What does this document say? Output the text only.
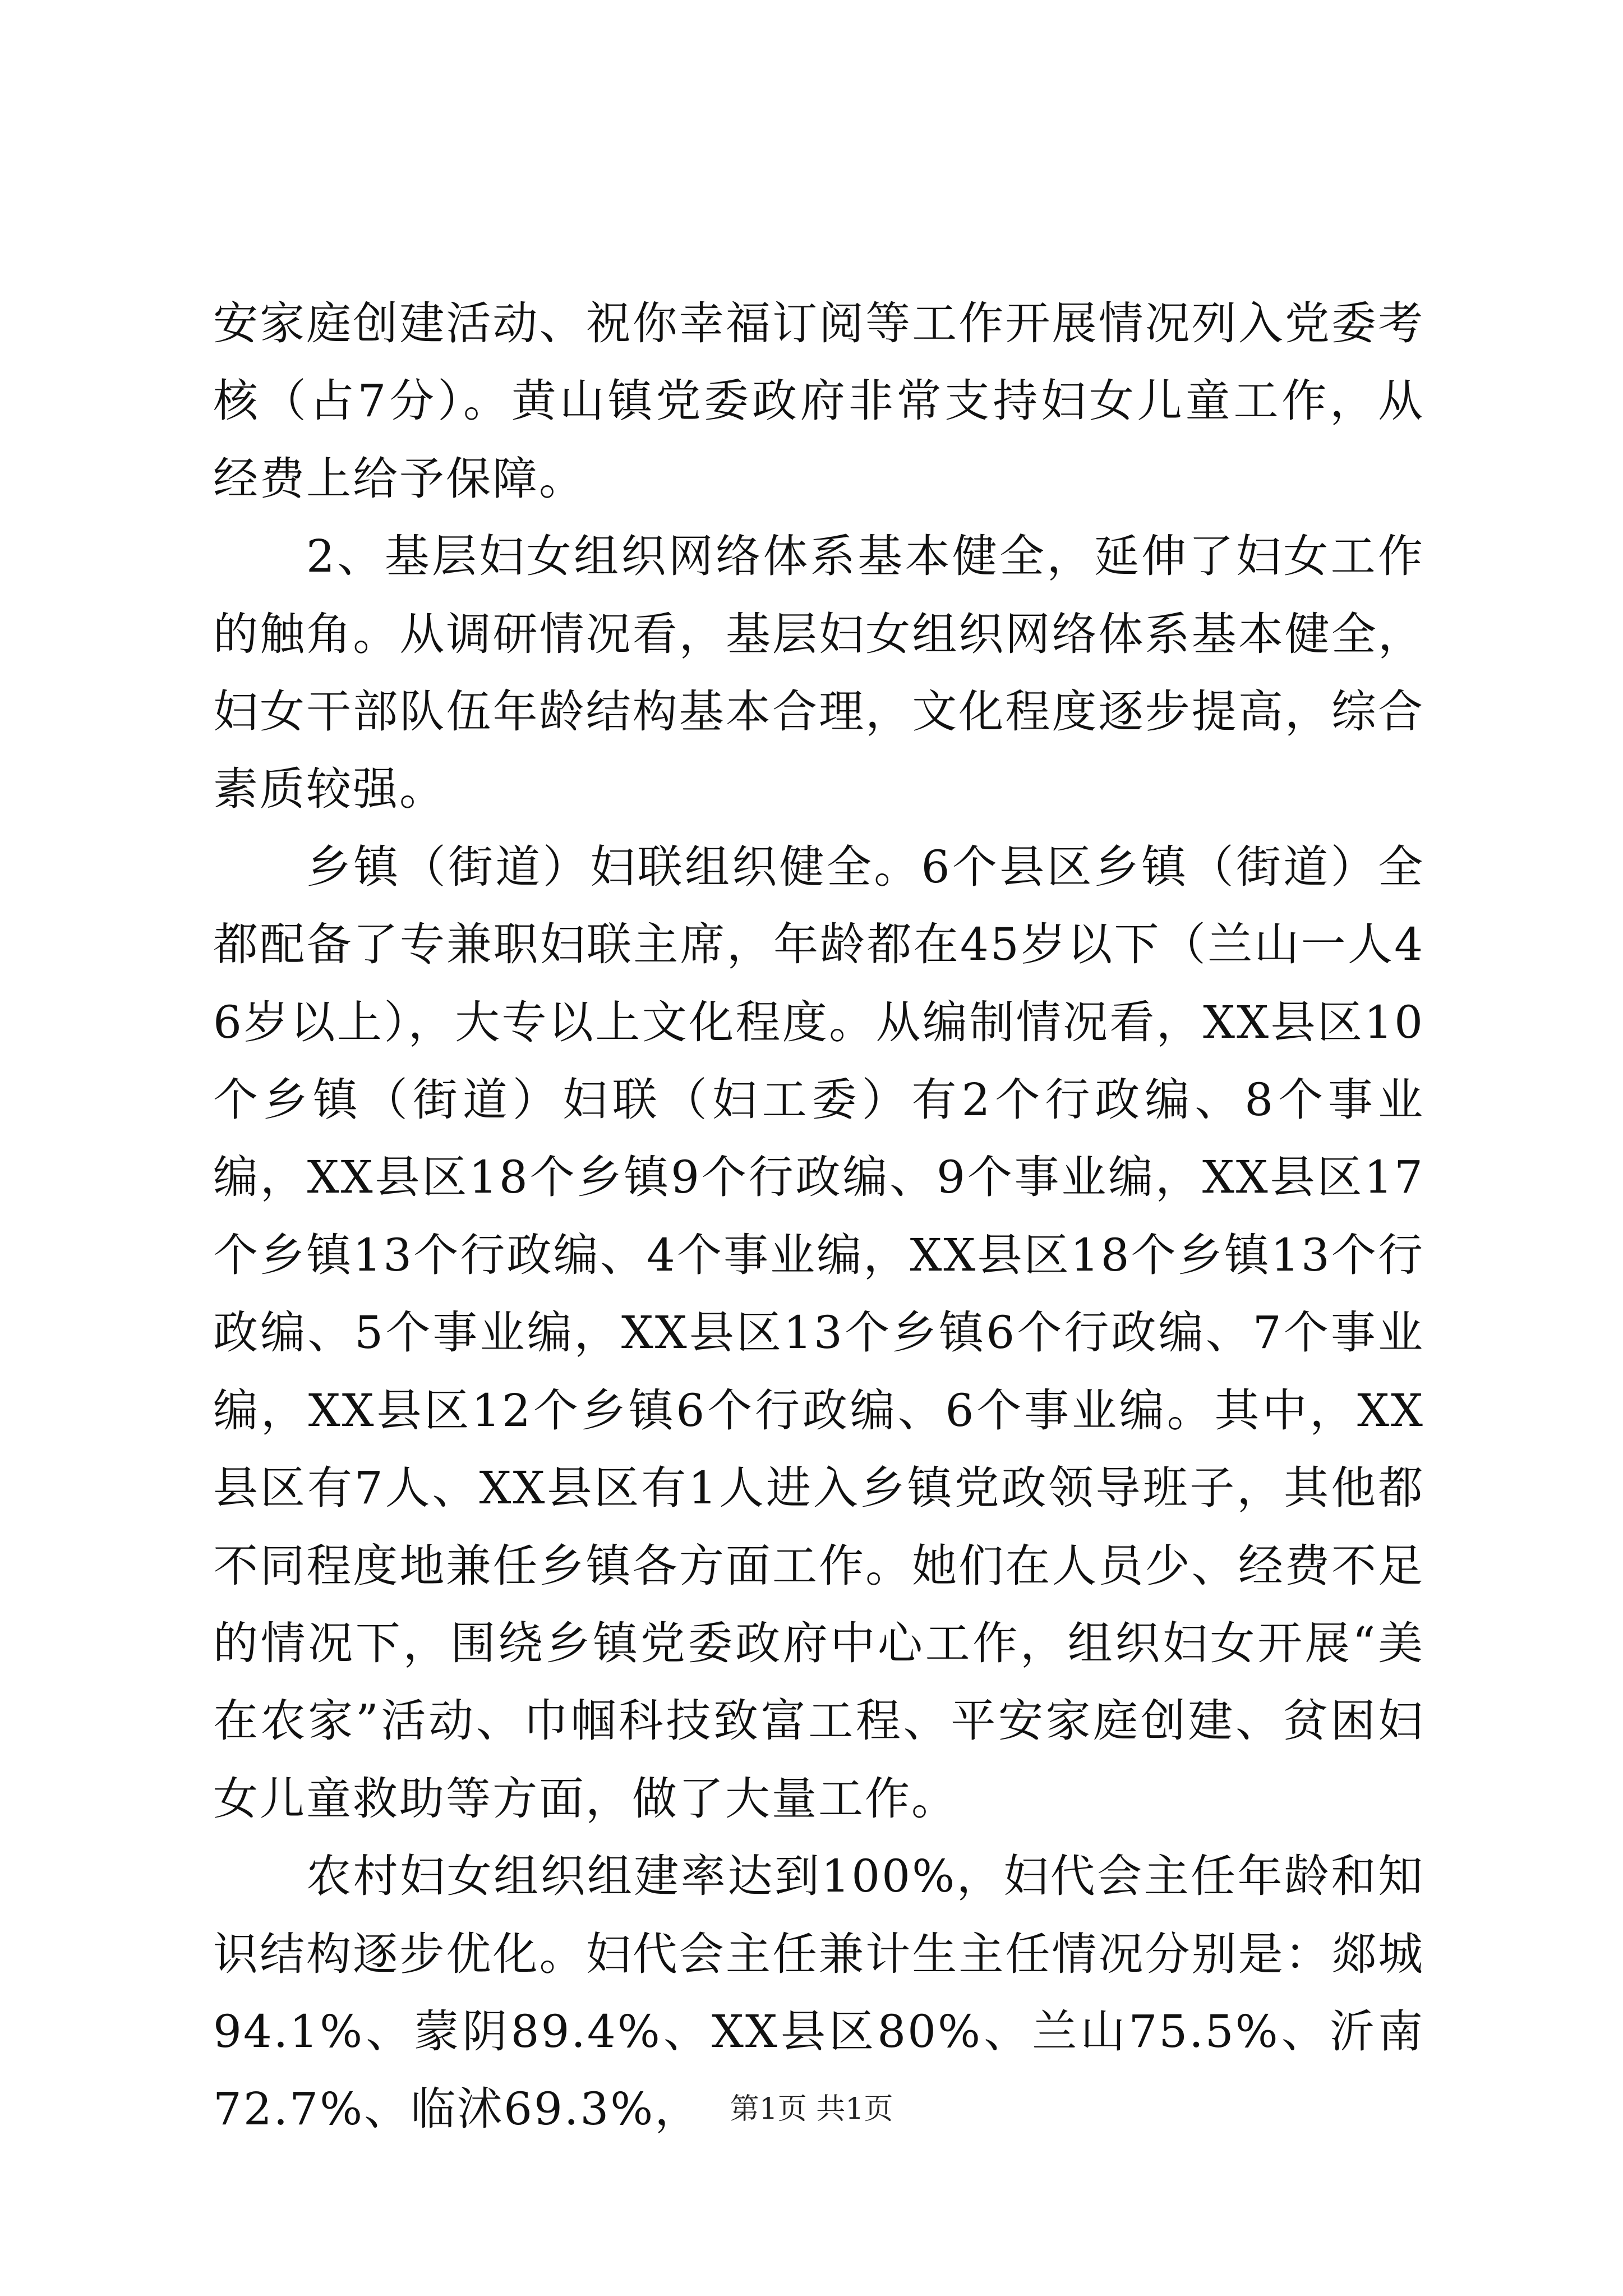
安家庭创建活动、祝你幸福订阅等工作开展情况列入党委考核（占7分）。黄山镇党委政府非常支持妇女儿童工作，从经费上给予保障。

2、基层妇女组织网络体系基本健全，延伸了妇女工作的触角。从调研情况看，基层妇女组织网络体系基本健全，妇女干部队伍年龄结构基本合理，文化程度逐步提高，综合素质较强。

乡镇（街道）妇联组织健全。6个县区乡镇（街道）全都配备了专兼职妇联主席，年龄都在45岁以下（兰山一人46岁以上），大专以上文化程度。从编制情况看，XX县区10个乡镇（街道）妇联（妇工委）有2个行政编、8个事业编，XX县区18个乡镇9个行政编、9个事业编，XX县区17个乡镇13个行政编、4个事业编，XX县区18个乡镇13个行政编、5个事业编，XX县区13个乡镇6个行政编、7个事业编，XX县区12个乡镇6个行政编、6个事业编。其中，XX县区有7人、XX县区有1人进入乡镇党政领导班子，其他都不同程度地兼任乡镇各方面工作。她们在人员少、经费不足的情况下，围绕乡镇党委政府中心工作，组织妇女开展“美在农家”活动、巾帼科技致富工程、平安家庭创建、贫困妇女儿童救助等方面，做了大量工作。

农村妇女组织组建率达到100%，妇代会主任年龄和知识结构逐步优化。妇代会主任兼计生主任情况分别是：郯城94.1%、蒙阴89.4%、XX县区80%、兰山75.5%、沂南72.7%、临沭69.3%， 第1页 共1页
